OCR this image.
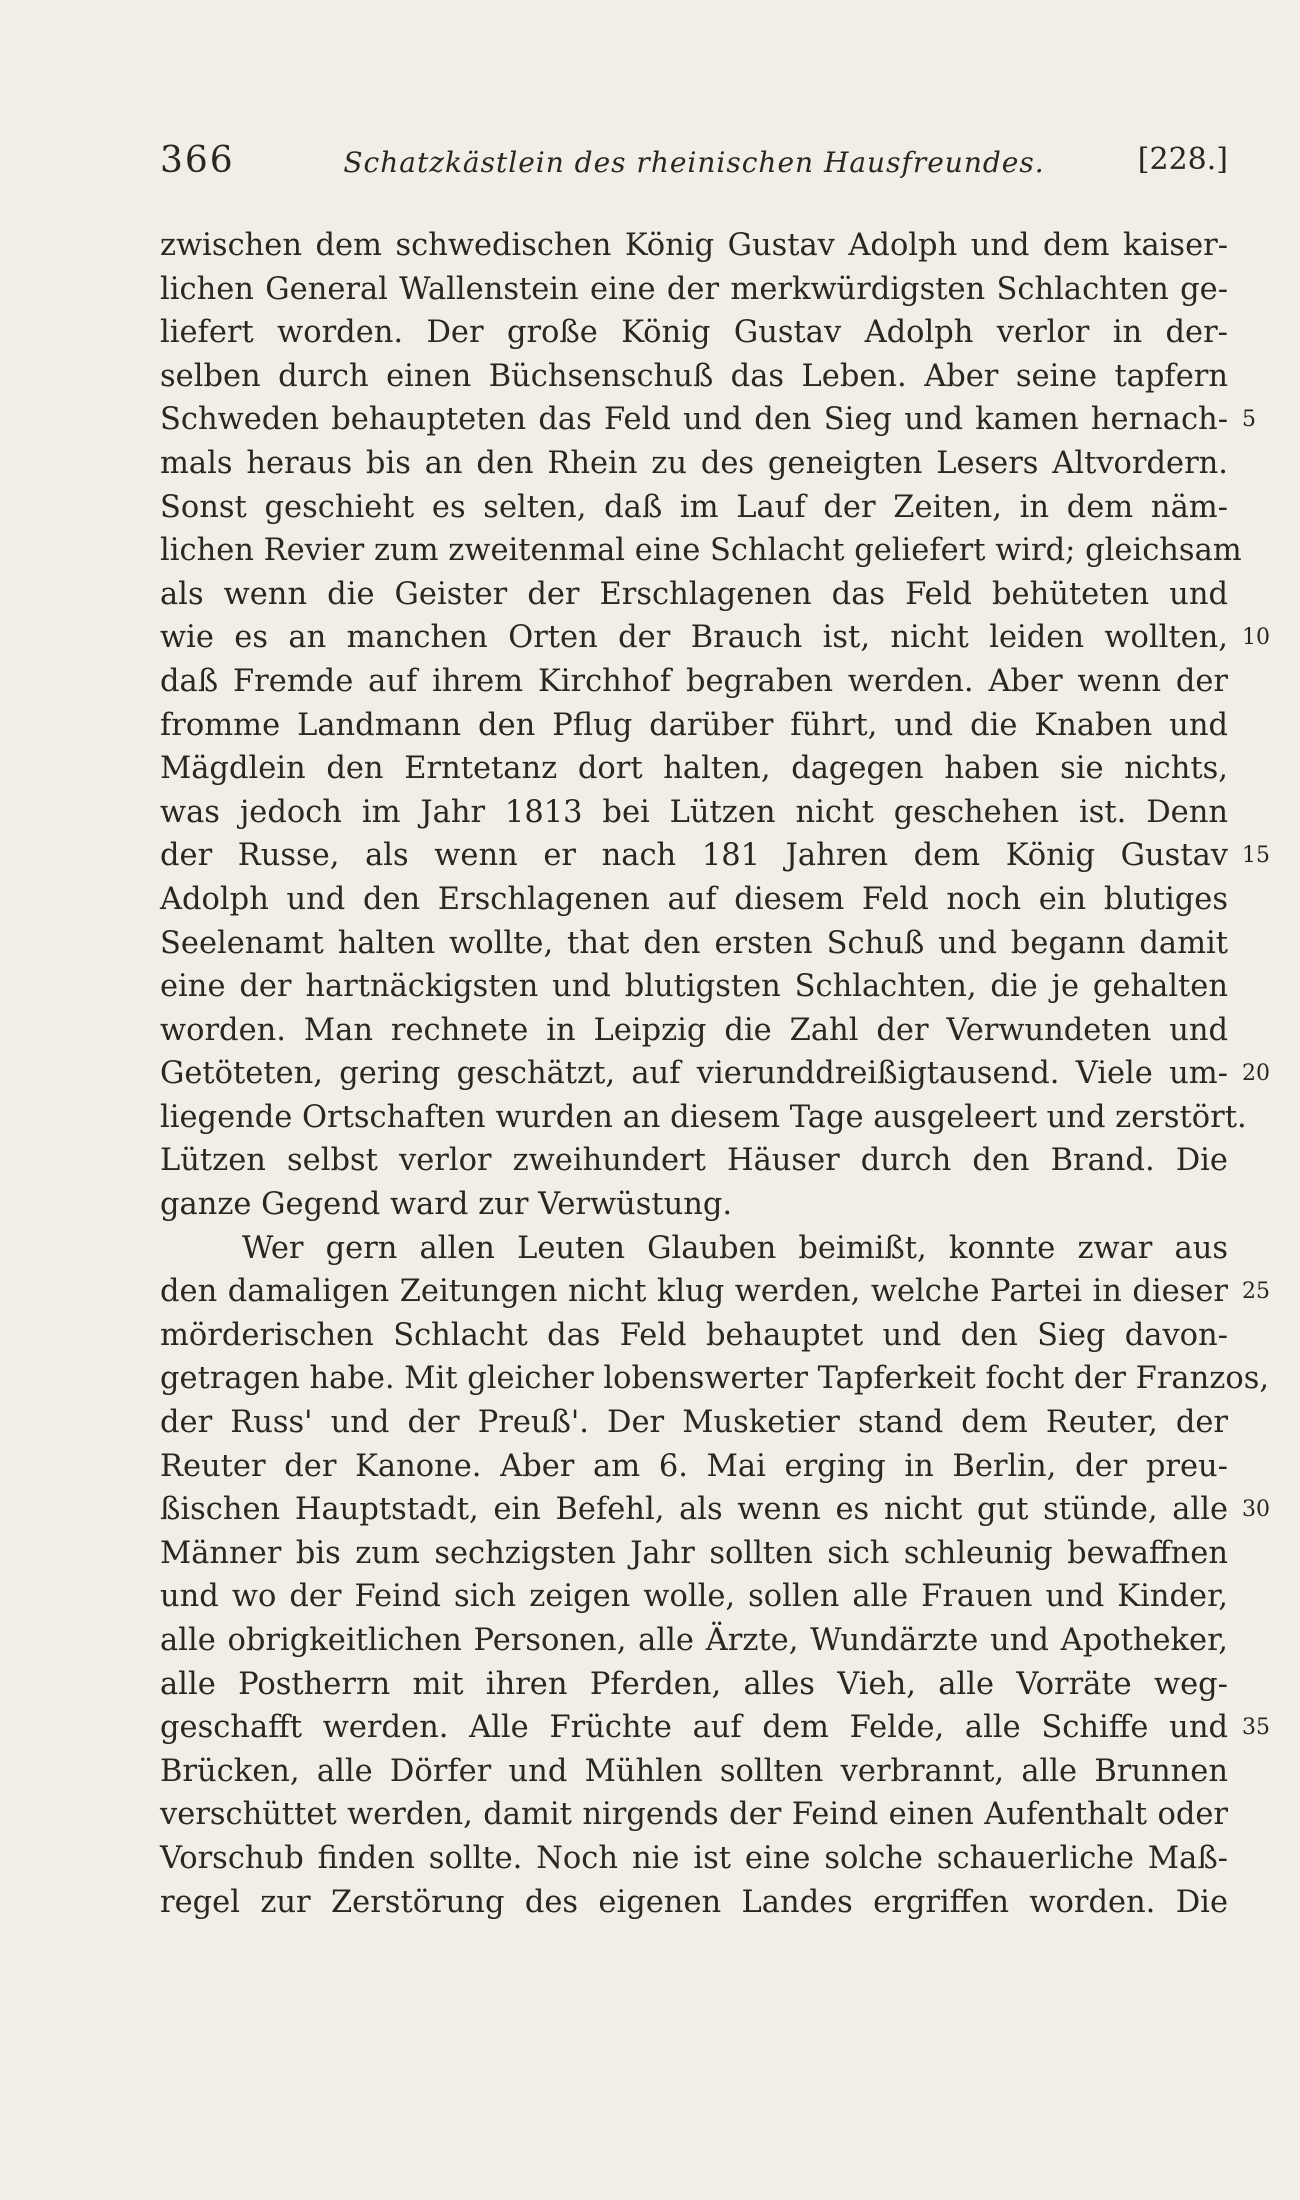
366	Schatzkästlein des rheinischen Hausfreundes.	[228.]
zwischen dem schwedischen König Gustav Adolph und dem kaiser-
lichen General Wallenstein eine der merkwürdigsten Schlachten ge-
liefert worden. Der große König Gustav Adolph verlor in der-
selben durch einen Büchsenschuß das Leben. Aber seine tapfern
Schweden behaupteten das Feld und den Sieg und kamen hernach-
mals heraus bis an den Rhein zu des geneigten Lesers Altvordern.
Sonst geschieht es selten, daß im Lauf der Zeiten, in dem näm-
lichen Revier zum zweitenmal eine Schlacht geliefert wird; gleichsam
als wenn die Geister der Erschlagenen das Feld behüteten und
wie es an manchen Orten der Brauch ist, nicht leiden wollten,
daß Fremde auf ihrem Kirchhof begraben werden. Aber wenn der
fromme Landmann den Pflug darüber führt, und die Knaben und
Mägdlein den Erntetanz dort halten, dagegen haben sie nichts,
was jedoch im Jahr 1813 bei Lützen nicht geschehen ist. Denn
der Russe, als wenn er nach 181 Jahren dem König Gustav
Adolph und den Erschlagenen auf diesem Feld noch ein blutiges
Seelenamt halten wollte, that den ersten Schuß und begann damit
eine der hartnäckigsten und blutigsten Schlachten, die je gehalten
worden. Man rechnete in Leipzig die Zahl der Verwundeten und
Getöteten, gering geschätzt, auf vierunddreißigtausend. Viele um-
liegende Ortschaften wurden an diesem Tage ausgeleert und zerstört.
Lützen selbst verlor zweihundert Häuser durch den Brand. Die
ganze Gegend ward zur Verwüstung.
Wer gern allen Leuten Glauben beimißt, konnte zwar aus
den damaligen Zeitungen nicht klug werden, welche Partei in dieser
mörderischen Schlacht das Feld behauptet und den Sieg davon-
getragen habe. Mit gleicher lobenswerter Tapferkeit focht der Franzos,
der Russ' und der Preuß'. Der Musketier stand dem Reuter, der
Reuter der Kanone. Aber am 6. Mai erging in Berlin, der preu-
ßischen Hauptstadt, ein Befehl, als wenn es nicht gut stünde, alle
Männer bis zum sechzigsten Jahr sollten sich schleunig bewaffnen
und wo der Feind sich zeigen wolle, sollen alle Frauen und Kinder,
alle obrigkeitlichen Personen, alle Ärzte, Wundärzte und Apotheker,
alle Postherrn mit ihren Pferden, alles Vieh, alle Vorräte weg-
geschafft werden. Alle Früchte auf dem Felde, alle Schiffe und
Brücken, alle Dörfer und Mühlen sollten verbrannt, alle Brunnen
verschüttet werden, damit nirgends der Feind einen Aufenthalt oder
Vorschub finden sollte. Noch nie ist eine solche schauerliche Maß-
regel zur Zerstörung des eigenen Landes ergriffen worden. Die
5
10
15
20
25
30
35
